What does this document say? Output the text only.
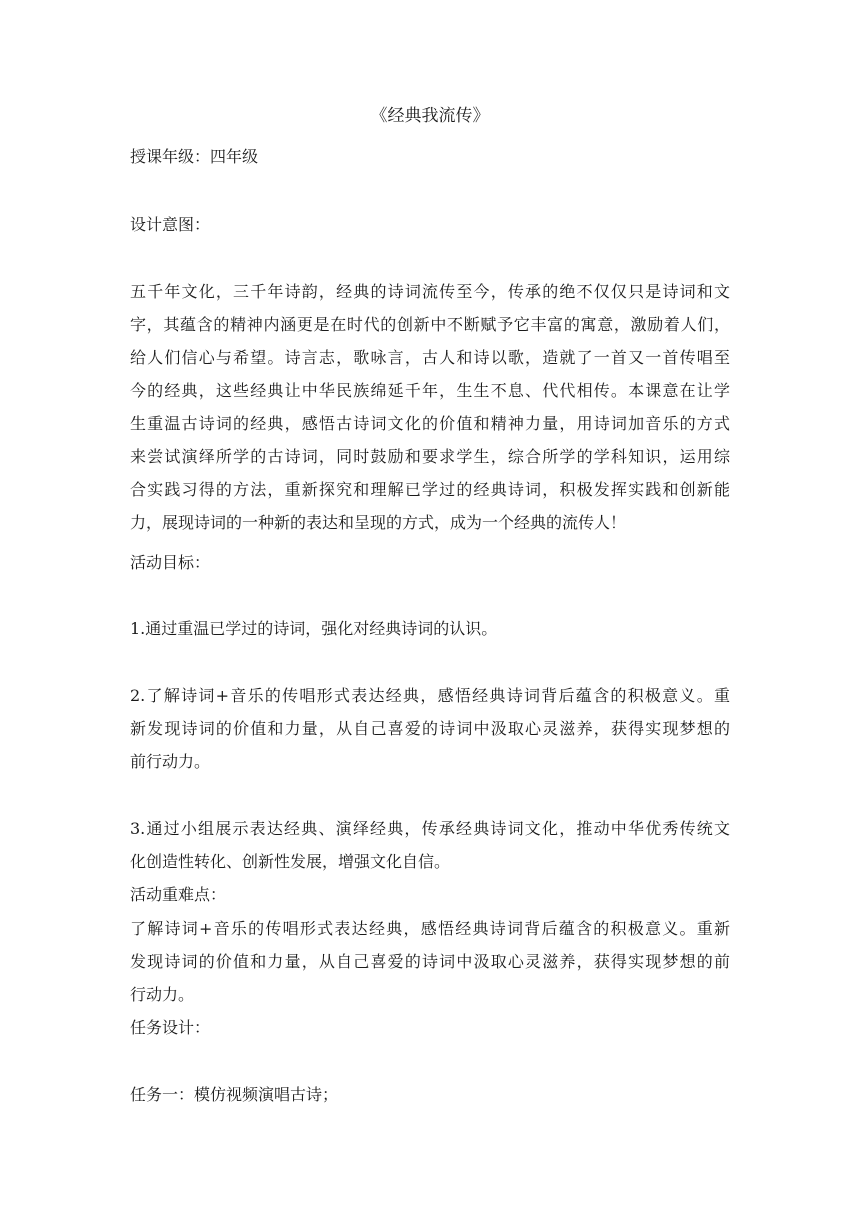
《经典我流传》

授课年级：四年级

设计意图：

五千年文化，三千年诗韵，经典的诗词流传至今，传承的绝不仅仅只是诗词和文

字，其蕴含的精神内涵更是在时代的创新中不断赋予它丰富的寓意，激励着人们，

给人们信心与希望。诗言志，歌咏言，古人和诗以歌，造就了一首又一首传唱至

今的经典，这些经典让中华民族绵延千年，生生不息、代代相传。本课意在让学

生重温古诗词的经典，感悟古诗词文化的价值和精神力量，用诗词加音乐的方式

来尝试演绎所学的古诗词，同时鼓励和要求学生，综合所学的学科知识，运用综

合实践习得的方法，重新探究和理解已学过的经典诗词，积极发挥实践和创新能

力，展现诗词的一种新的表达和呈现的方式，成为一个经典的流传人！

活动目标：

1.通过重温已学过的诗词，强化对经典诗词的认识。

2.了解诗词+音乐的传唱形式表达经典，感悟经典诗词背后蕴含的积极意义。重

新发现诗词的价值和力量，从自己喜爱的诗词中汲取心灵滋养，获得实现梦想的

前行动力。

3.通过小组展示表达经典、演绎经典，传承经典诗词文化，推动中华优秀传统文

化创造性转化、创新性发展，增强文化自信。

活动重难点：

了解诗词+音乐的传唱形式表达经典，感悟经典诗词背后蕴含的积极意义。重新

发现诗词的价值和力量，从自己喜爱的诗词中汲取心灵滋养，获得实现梦想的前

行动力。

任务设计：

任务一：模仿视频演唱古诗；
